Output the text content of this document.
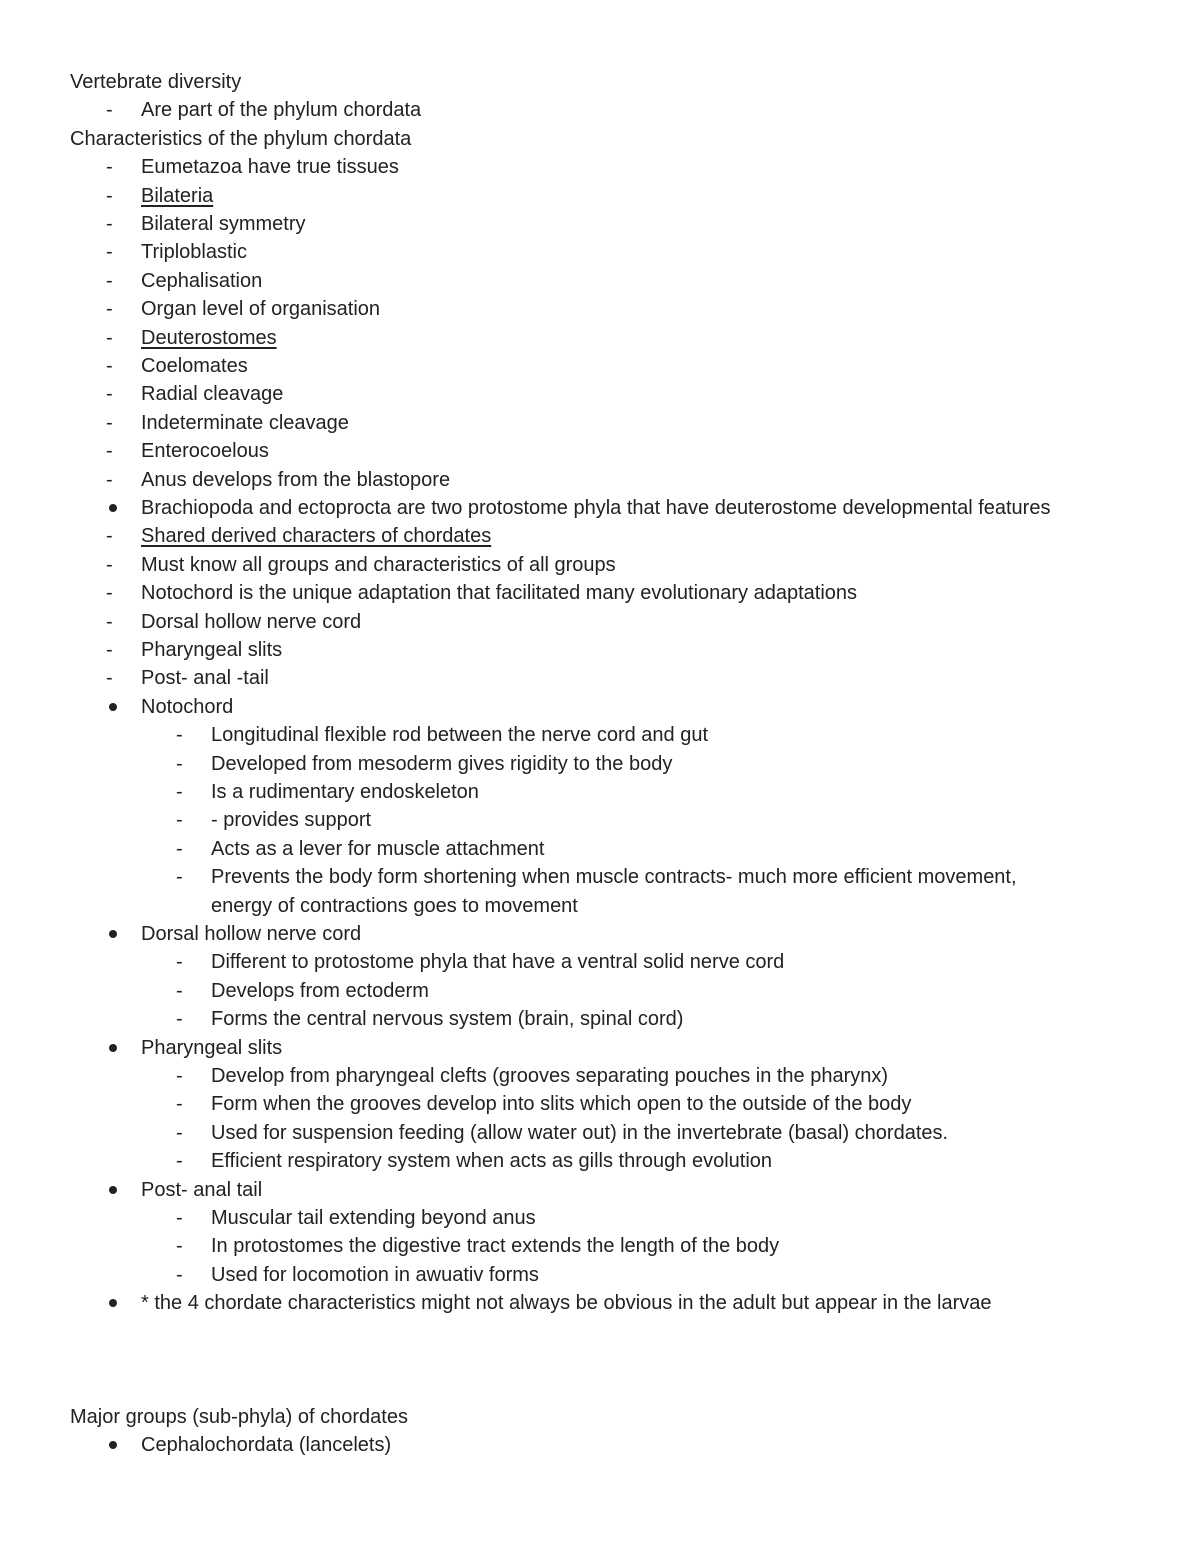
Vertebrate diversity
-	Are part of the phylum chordata
Characteristics of the phylum chordata
-	Eumetazoa have true tissues
-	Bilateria
-	Bilateral symmetry
-	Triploblastic
-	Cephalisation
-	Organ level of organisation
-	Deuterostomes
-	Coelomates
-	Radial cleavage
-	Indeterminate cleavage
-	Enterocoelous
-	Anus develops from the blastopore
Brachiopoda and ectoprocta are two protostome phyla that have deuterostome developmental features
-	Shared derived characters of chordates
-	Must know all groups and characteristics of all groups
-	Notochord is the unique adaptation that facilitated many evolutionary adaptations
-	Dorsal hollow nerve cord
-	Pharyngeal slits
-	Post- anal -tail
Notochord
-	Longitudinal flexible rod between the nerve cord and gut
-	Developed from mesoderm gives rigidity to the body
-	Is a rudimentary endoskeleton
-	- provides support
-	Acts as a lever for muscle attachment
-	Prevents the body form shortening when muscle contracts- much more efficient movement,
energy of contractions goes to movement
Dorsal hollow nerve cord
-	Different to protostome phyla that have a ventral solid nerve cord
-	Develops from ectoderm
-	Forms the central nervous system (brain, spinal cord)
Pharyngeal slits
-	Develop from pharyngeal clefts (grooves separating pouches in the pharynx)
-	Form when the grooves develop into slits which open to the outside of the body
-	Used for suspension feeding (allow water out) in the invertebrate (basal) chordates.
-	Efficient respiratory system when acts as gills through evolution
Post- anal tail
-	Muscular tail extending beyond anus
-	In protostomes the digestive tract extends the length of the body
-	Used for locomotion in awuativ forms
* the 4 chordate characteristics might not always be obvious in the adult but appear in the larvae
Major groups (sub-phyla) of chordates
Cephalochordata (lancelets)
